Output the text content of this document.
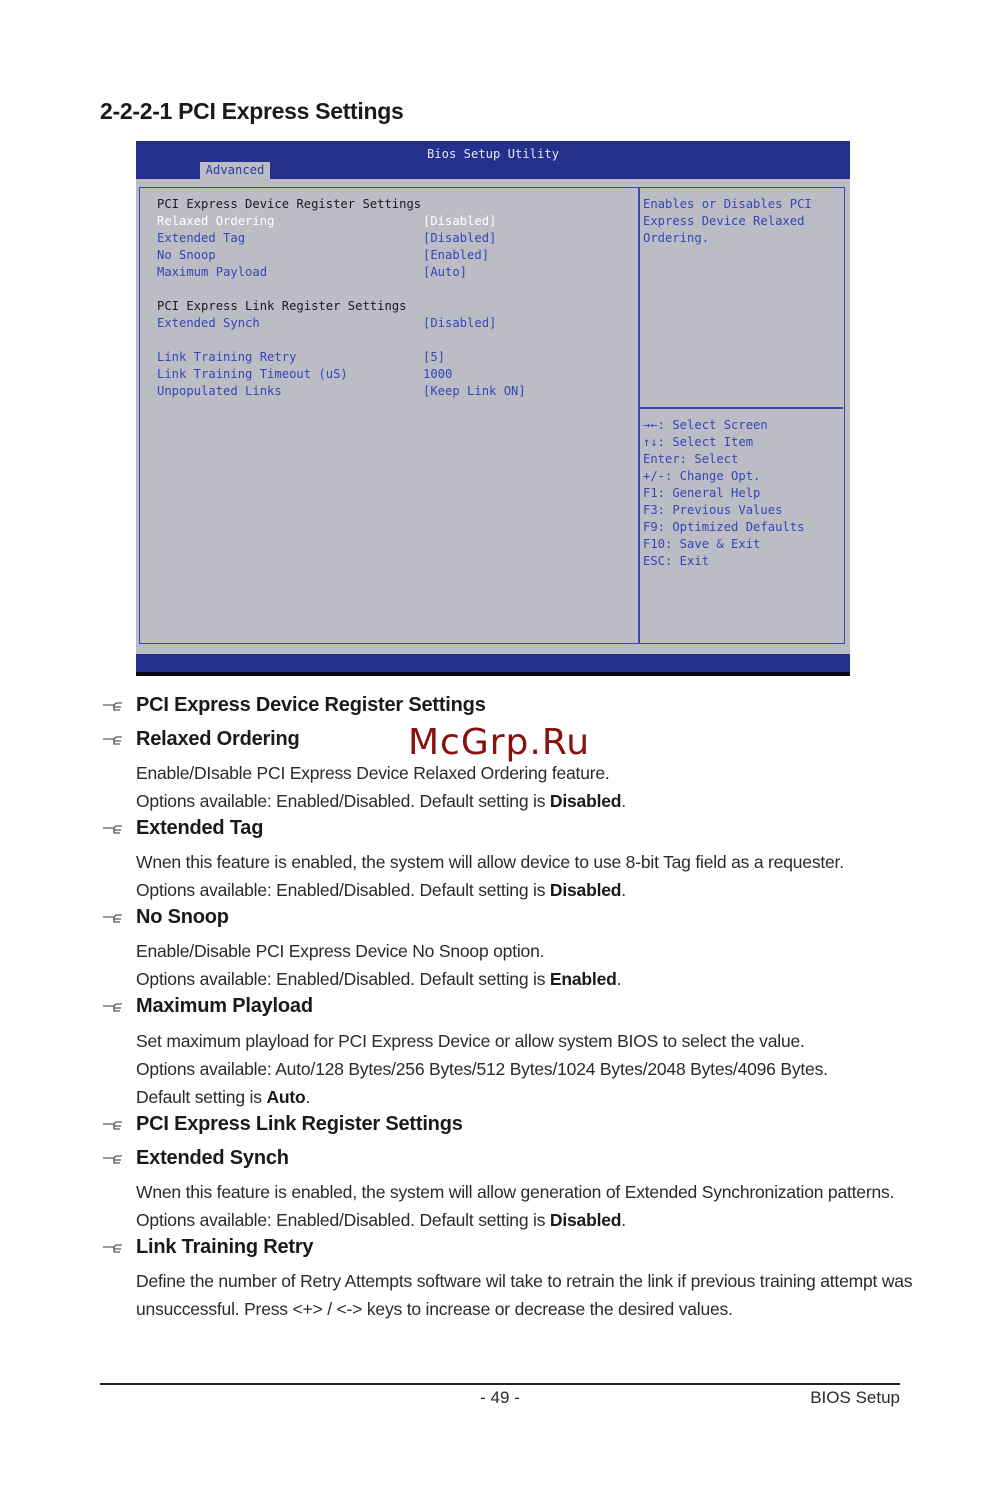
2-2-2-1 PCI Express Settings
Bios Setup Utility
Advanced
PCI Express Device Register Settings
Relaxed Ordering	[Disabled]
Extended Tag	[Disabled]
No Snoop	[Enabled]
Maximum Payload	[Auto]
PCI Express Link Register Settings
Extended Synch	[Disabled]
Link Training Retry	[5]
Link Training Timeout (uS)	1000
Unpopulated Links	[Keep Link ON]
Enables or Disables PCI
Express Device Relaxed
Ordering.
→←: Select Screen
↑↓: Select Item
Enter: Select
+/-: Change Opt.
F1: General Help
F3: Previous Values
F9: Optimized Defaults
F10: Save & Exit
ESC: Exit
PCI Express Device Register Settings
Relaxed Ordering
Enable/DIsable PCI Express Device Relaxed Ordering feature.
Options available: Enabled/Disabled. Default setting is Disabled.
Extended Tag
Wnen this feature is enabled, the system will allow device to use 8-bit Tag field as a requester.
Options available: Enabled/Disabled. Default setting is Disabled.
No Snoop
Enable/Disable PCI Express Device No Snoop option.
Options available: Enabled/Disabled. Default setting is Enabled.
Maximum Playload
Set maximum playload for PCI Express Device or allow system BIOS to select the value.
Options available: Auto/128 Bytes/256 Bytes/512 Bytes/1024 Bytes/2048 Bytes/4096 Bytes.
Default setting is Auto.
PCI Express Link Register Settings
Extended Synch
Wnen this feature is enabled, the system will allow generation of Extended Synchronization patterns.
Options available: Enabled/Disabled. Default setting is Disabled.
Link Training Retry
Define the number of Retry Attempts software wil take to retrain the link if previous training attempt was
unsuccessful. Press <+> / <-> keys to increase or decrease the desired values.
McGrp.Ru
- 49 -	BIOS Setup
